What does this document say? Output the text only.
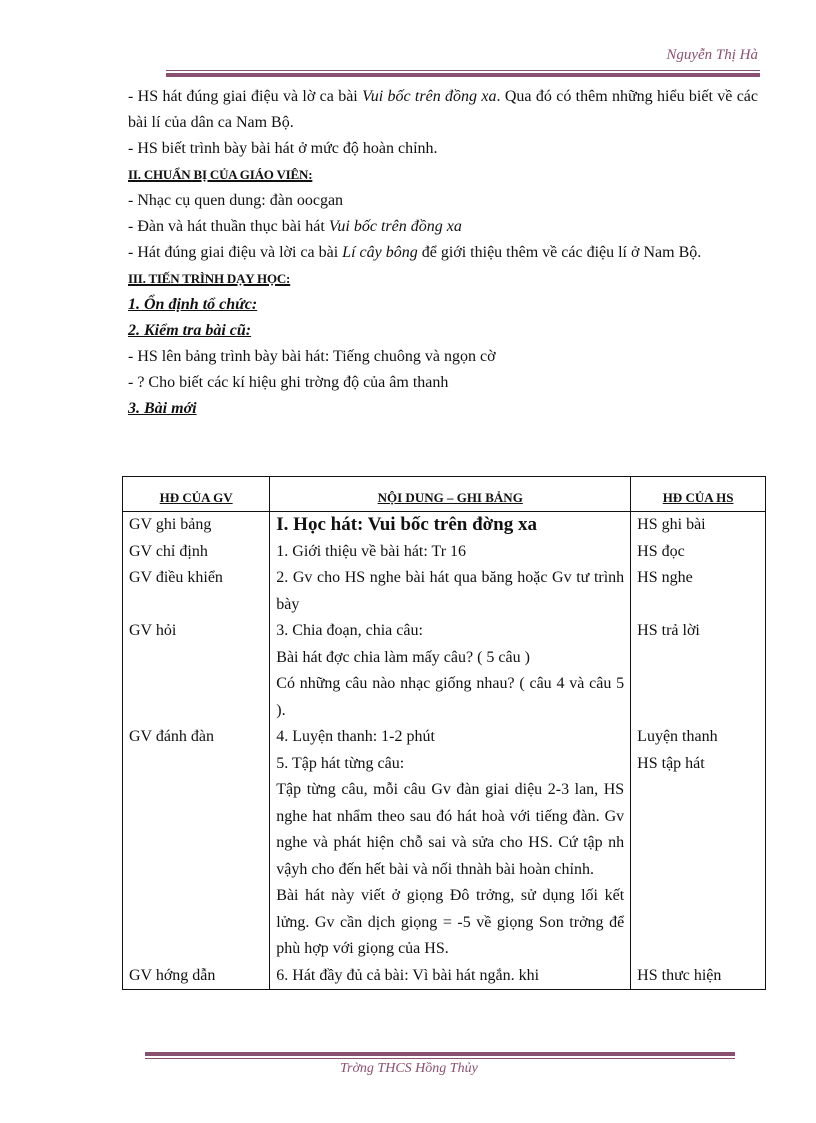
Nguyễn Thị Hà

- HS hát đúng giai điệu và lờ ca bài Vui bốc trên đồng xa. Qua đó có thêm những hiểu biết về các bài lí của dân ca Nam Bộ.

- HS biết trình bày bài hát ở mức độ hoàn chỉnh.

II. CHUẨN BỊ CỦA GIÁO VIÊN:

- Nhạc cụ quen dung: đàn oocgan

- Đàn và hát thuần thục bài hát Vui bốc trên đồng xa

- Hát đúng giai điệu và lời ca bài Lí cây bông để giới thiệu thêm về các điệu lí ở Nam Bộ.

III. TIẾN TRÌNH DẠY HỌC:

1. Ổn định tổ chức:

2. Kiểm tra bài cũ:

- HS lên bảng trình bày bài hát: Tiếng chuông và ngọn cờ

- ? Cho biết các kí hiệu ghi trờng độ của âm thanh

3. Bài mới

HĐ CỦA GV	NỘI DUNG – GHI BẢNG	HĐ CỦA HS
GV ghi bảng	I. Học hát: Vui bốc trên đờng xa	HS ghi bài
GV chỉ định	1. Giới thiệu về bài hát: Tr 16	HS đọc
GV điều khiển	2. Gv cho HS nghe bài hát qua băng hoặc Gv tư trình bày	HS nghe
GV hỏi	3. Chia đoạn, chia câu:
Bài hát đợc chia làm mấy câu? ( 5 câu )
Có những câu nào nhạc giống nhau? ( câu 4 và câu 5 ).	HS trả lời
GV đánh đàn	4. Luyện thanh: 1-2 phút	Luyện thanh

	5. Tập hát từng câu:
Tập từng câu, mỗi câu Gv đàn giai diệu 2-3 lan, HS nghe hat nhẩm theo sau đó hát hoà với tiếng đàn. Gv nghe và phát hiện chỗ sai và sửa cho HS. Cứ tập nh vậyh cho đến hết bài và nối thnàh bài hoàn chỉnh.
Bài hát này viết ở giọng Đô trởng, sử dụng lối kết lửng. Gv cần dịch giọng = -5 về giọng Son trởng để phù hợp với giọng của HS.	HS tập hát
GV hớng dẫn	6. Hát đầy đủ cả bài: Vì bài hát ngắn. khi	HS thưc hiện
Trờng THCS Hồng Thủy
